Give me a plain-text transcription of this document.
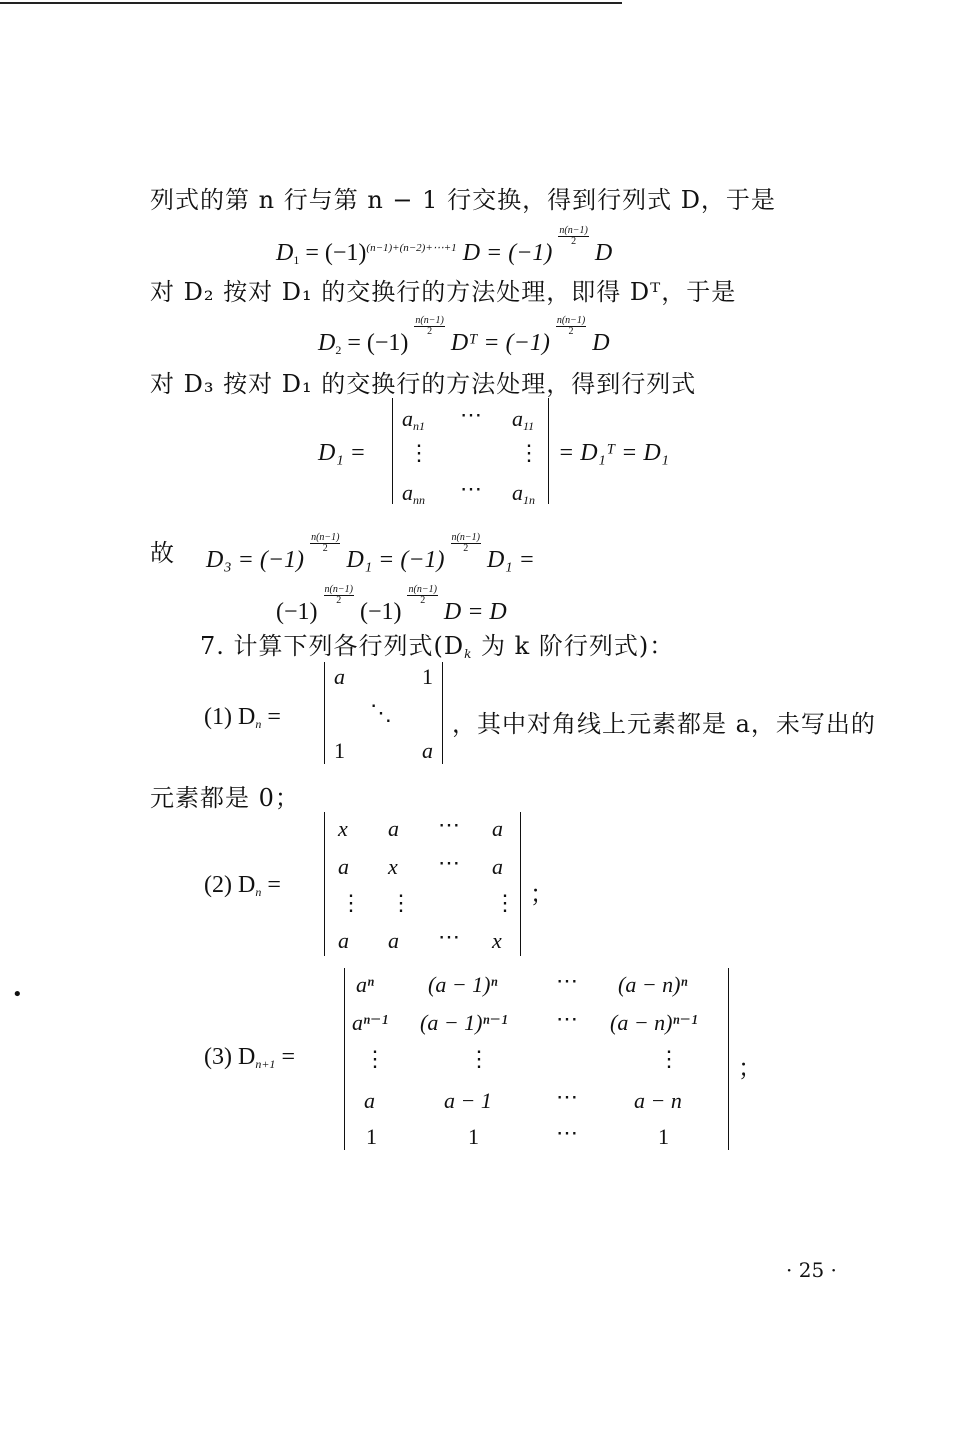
列式的第 n 行与第 n − 1 行交换，得到行列式 D，于是
$D_1 = (-1)^{(n-1)+(n-2)+\cdots+1}$ D = (−1)
$\frac{n(n-1)}{2}$
D
对 D₂ 按对 D₁ 的交换行的方法处理，即得 Dᵀ，于是
$D_2 = (-1)$
$\frac{n(n-1)}{2}$
Dᵀ = (−1)
$\frac{n(n-1)}{2}$
D
对 D₃ 按对 D₁ 的交换行的方法处理，得到行列式
D₁ =
$a_{n1}$ ⋯ $a_{11}$
⋮	⋮
$a_{nn}$ ⋯ $a_{1n}$
= D₁ᵀ = D₁
故 D₃ = (−1)
$\frac{n(n-1)}{2}$
D₁ = (−1)
$\frac{n(n-1)}{2}$
D₁ =
(−1)
$\frac{n(n-1)}{2}$
(−1)
$\frac{n(n-1)}{2}$
D = D
7. 计算下列各行列式($D_k$ 为 k 阶行列式)：
(1) $D_n$ =
a	1
⋱
1	a
，其中对角线上元素都是 a，未写出的
元素都是 0；
(2) $D_n$ =
x a ⋯ a
a x ⋯ a
⋮ ⋮	⋮
a a ⋯ x
；
•
(3) $D_{n+1}$ =
aⁿ (a − 1)ⁿ	⋯ (a − n)ⁿ
aⁿ⁻¹ (a − 1)ⁿ⁻¹ ⋯ (a − n)ⁿ⁻¹
⋮	⋮	⋮
a	a − 1	⋯	a − n
1	1	⋯	1
；
· 25 ·
